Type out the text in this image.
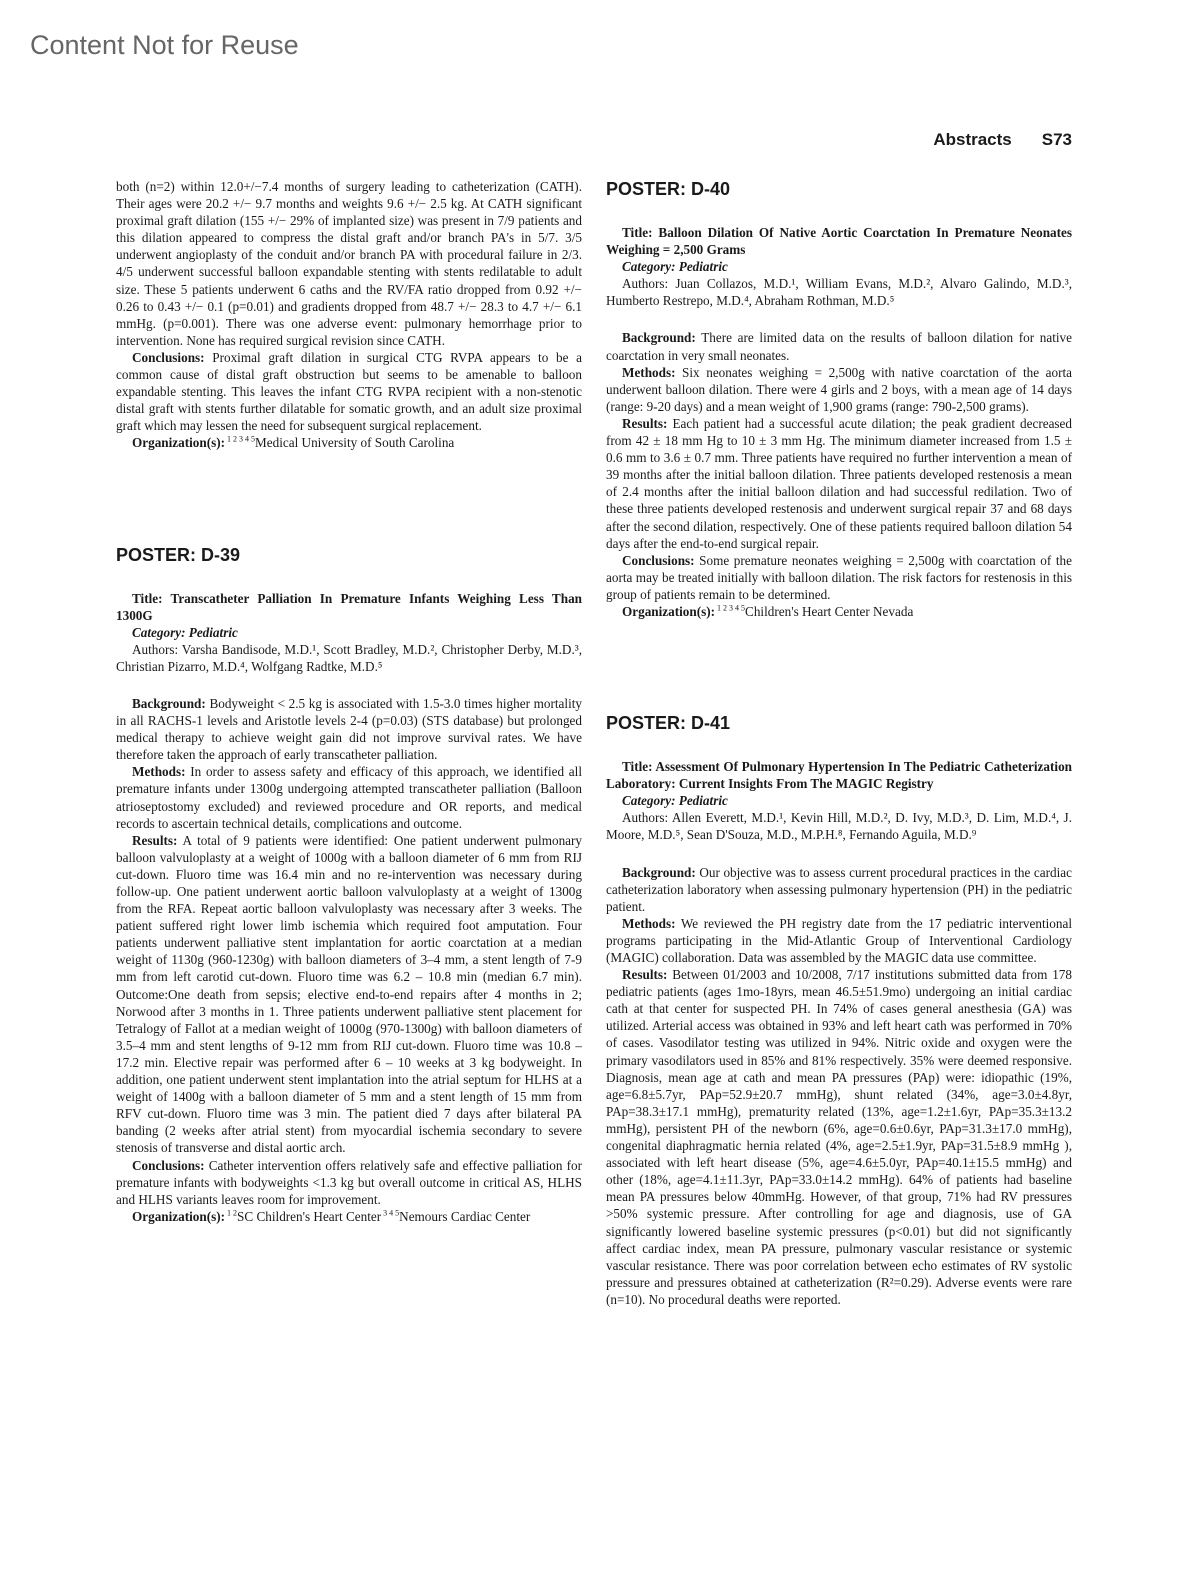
Content Not for Reuse
Abstracts S73

both (n=2) within 12.0+/−7.4 months of surgery leading to catheterization (CATH). Their ages were 20.2 +/− 9.7 months and weights 9.6 +/− 2.5 kg. At CATH significant proximal graft dilation (155 +/− 29% of implanted size) was present in 7/9 patients and this dilation appeared to compress the distal graft and/or branch PA's in 5/7. 3/5 underwent angioplasty of the conduit and/or branch PA with procedural failure in 2/3. 4/5 underwent successful balloon expandable stenting with stents redilatable to adult size. These 5 patients underwent 6 caths and the RV/FA ratio dropped from 0.92 +/− 0.26 to 0.43 +/− 0.1 (p=0.01) and gradients dropped from 48.7 +/− 28.3 to 4.7 +/− 6.1 mmHg. (p=0.001). There was one adverse event: pulmonary hemorrhage prior to intervention. None has required surgical revision since CATH.

Conclusions: Proximal graft dilation in surgical CTG RVPA appears to be a common cause of distal graft obstruction but seems to be amenable to balloon expandable stenting. This leaves the infant CTG RVPA recipient with a non-stenotic distal graft with stents further dilatable for somatic growth, and an adult size proximal graft which may lessen the need for subsequent surgical replacement.

Organization(s): $^{1 2 3 4 5}$Medical University of South Carolina

POSTER: D-39

Title: Transcatheter Palliation In Premature Infants Weighing Less Than 1300G

Category: Pediatric

Authors: Varsha Bandisode, M.D.¹, Scott Bradley, M.D.², Christopher Derby, M.D.³, Christian Pizarro, M.D.⁴, Wolfgang Radtke, M.D.⁵

Background: Bodyweight < 2.5 kg is associated with 1.5-3.0 times higher mortality in all RACHS-1 levels and Aristotle levels 2-4 (p=0.03) (STS database) but prolonged medical therapy to achieve weight gain did not improve survival rates. We have therefore taken the approach of early transcatheter palliation.

Methods: In order to assess safety and efficacy of this approach, we identified all premature infants under 1300g undergoing attempted transcatheter palliation (Balloon atrioseptostomy excluded) and reviewed procedure and OR reports, and medical records to ascertain technical details, complications and outcome.

Results: A total of 9 patients were identified: One patient underwent pulmonary balloon valvuloplasty at a weight of 1000g with a balloon diameter of 6 mm from RIJ cut-down. Fluoro time was 16.4 min and no re-intervention was necessary during follow-up. One patient underwent aortic balloon valvuloplasty at a weight of 1300g from the RFA. Repeat aortic balloon valvuloplasty was necessary after 3 weeks. The patient suffered right lower limb ischemia which required foot amputation. Four patients underwent palliative stent implantation for aortic coarctation at a median weight of 1130g (960-1230g) with balloon diameters of 3–4 mm, a stent length of 7-9 mm from left carotid cut-down. Fluoro time was 6.2 – 10.8 min (median 6.7 min). Outcome:One death from sepsis; elective end-to-end repairs after 4 months in 2; Norwood after 3 months in 1. Three patients underwent palliative stent placement for Tetralogy of Fallot at a median weight of 1000g (970-1300g) with balloon diameters of 3.5–4 mm and stent lengths of 9-12 mm from RIJ cut-down. Fluoro time was 10.8 – 17.2 min. Elective repair was performed after 6 – 10 weeks at 3 kg bodyweight. In addition, one patient underwent stent implantation into the atrial septum for HLHS at a weight of 1400g with a balloon diameter of 5 mm and a stent length of 15 mm from RFV cut-down. Fluoro time was 3 min. The patient died 7 days after bilateral PA banding (2 weeks after atrial stent) from myocardial ischemia secondary to severe stenosis of transverse and distal aortic arch.

Conclusions: Catheter intervention offers relatively safe and effective palliation for premature infants with bodyweights <1.3 kg but overall outcome in critical AS, HLHS and HLHS variants leaves room for improvement.

Organization(s): $^{1 2}$SC Children's Heart Center $^{3 4 5}$Nemours Cardiac Center

POSTER: D-40

Title: Balloon Dilation Of Native Aortic Coarctation In Premature Neonates Weighing = 2,500 Grams

Category: Pediatric

Authors: Juan Collazos, M.D.¹, William Evans, M.D.², Alvaro Galindo, M.D.³, Humberto Restrepo, M.D.⁴, Abraham Rothman, M.D.⁵

Background: There are limited data on the results of balloon dilation for native coarctation in very small neonates.

Methods: Six neonates weighing = 2,500g with native coarctation of the aorta underwent balloon dilation. There were 4 girls and 2 boys, with a mean age of 14 days (range: 9-20 days) and a mean weight of 1,900 grams (range: 790-2,500 grams).

Results: Each patient had a successful acute dilation; the peak gradient decreased from 42 ± 18 mm Hg to 10 ± 3 mm Hg. The minimum diameter increased from 1.5 ± 0.6 mm to 3.6 ± 0.7 mm. Three patients have required no further intervention a mean of 39 months after the initial balloon dilation. Three patients developed restenosis a mean of 2.4 months after the initial balloon dilation and had successful redilation. Two of these three patients developed restenosis and underwent surgical repair 37 and 68 days after the second dilation, respectively. One of these patients required balloon dilation 54 days after the end-to-end surgical repair.

Conclusions: Some premature neonates weighing = 2,500g with coarctation of the aorta may be treated initially with balloon dilation. The risk factors for restenosis in this group of patients remain to be determined.

Organization(s): $^{1 2 3 4 5}$Children's Heart Center Nevada

POSTER: D-41

Title: Assessment Of Pulmonary Hypertension In The Pediatric Catheterization Laboratory: Current Insights From The MAGIC Registry

Category: Pediatric

Authors: Allen Everett, M.D.¹, Kevin Hill, M.D.², D. Ivy, M.D.³, D. Lim, M.D.⁴, J. Moore, M.D.⁵, Sean D'Souza, M.D., M.P.H.⁸, Fernando Aguila, M.D.⁹

Background: Our objective was to assess current procedural practices in the cardiac catheterization laboratory when assessing pulmonary hypertension (PH) in the pediatric patient.

Methods: We reviewed the PH registry date from the 17 pediatric interventional programs participating in the Mid-Atlantic Group of Interventional Cardiology (MAGIC) collaboration. Data was assembled by the MAGIC data use committee.

Results: Between 01/2003 and 10/2008, 7/17 institutions submitted data from 178 pediatric patients (ages 1mo-18yrs, mean 46.5±51.9mo) undergoing an initial cardiac cath at that center for suspected PH. In 74% of cases general anesthesia (GA) was utilized. Arterial access was obtained in 93% and left heart cath was performed in 70% of cases. Vasodilator testing was utilized in 94%. Nitric oxide and oxygen were the primary vasodilators used in 85% and 81% respectively. 35% were deemed responsive. Diagnosis, mean age at cath and mean PA pressures (PAp) were: idiopathic (19%, age=6.8±5.7yr, PAp=52.9±20.7 mmHg), shunt related (34%, age=3.0±4.8yr, PAp=38.3±17.1 mmHg), prematurity related (13%, age=1.2±1.6yr, PAp=35.3±13.2 mmHg), persistent PH of the newborn (6%, age=0.6±0.6yr, PAp=31.3±17.0 mmHg), congenital diaphragmatic hernia related (4%, age=2.5±1.9yr, PAp=31.5±8.9 mmHg ), associated with left heart disease (5%, age=4.6±5.0yr, PAp=40.1±15.5 mmHg) and other (18%, age=4.1±11.3yr, PAp=33.0±14.2 mmHg). 64% of patients had baseline mean PA pressures below 40mmHg. However, of that group, 71% had RV pressures >50% systemic pressure. After controlling for age and diagnosis, use of GA significantly lowered baseline systemic pressures (p<0.01) but did not significantly affect cardiac index, mean PA pressure, pulmonary vascular resistance or systemic vascular resistance. There was poor correlation between echo estimates of RV systolic pressure and pressures obtained at catheterization (R²=0.29). Adverse events were rare (n=10). No procedural deaths were reported.
